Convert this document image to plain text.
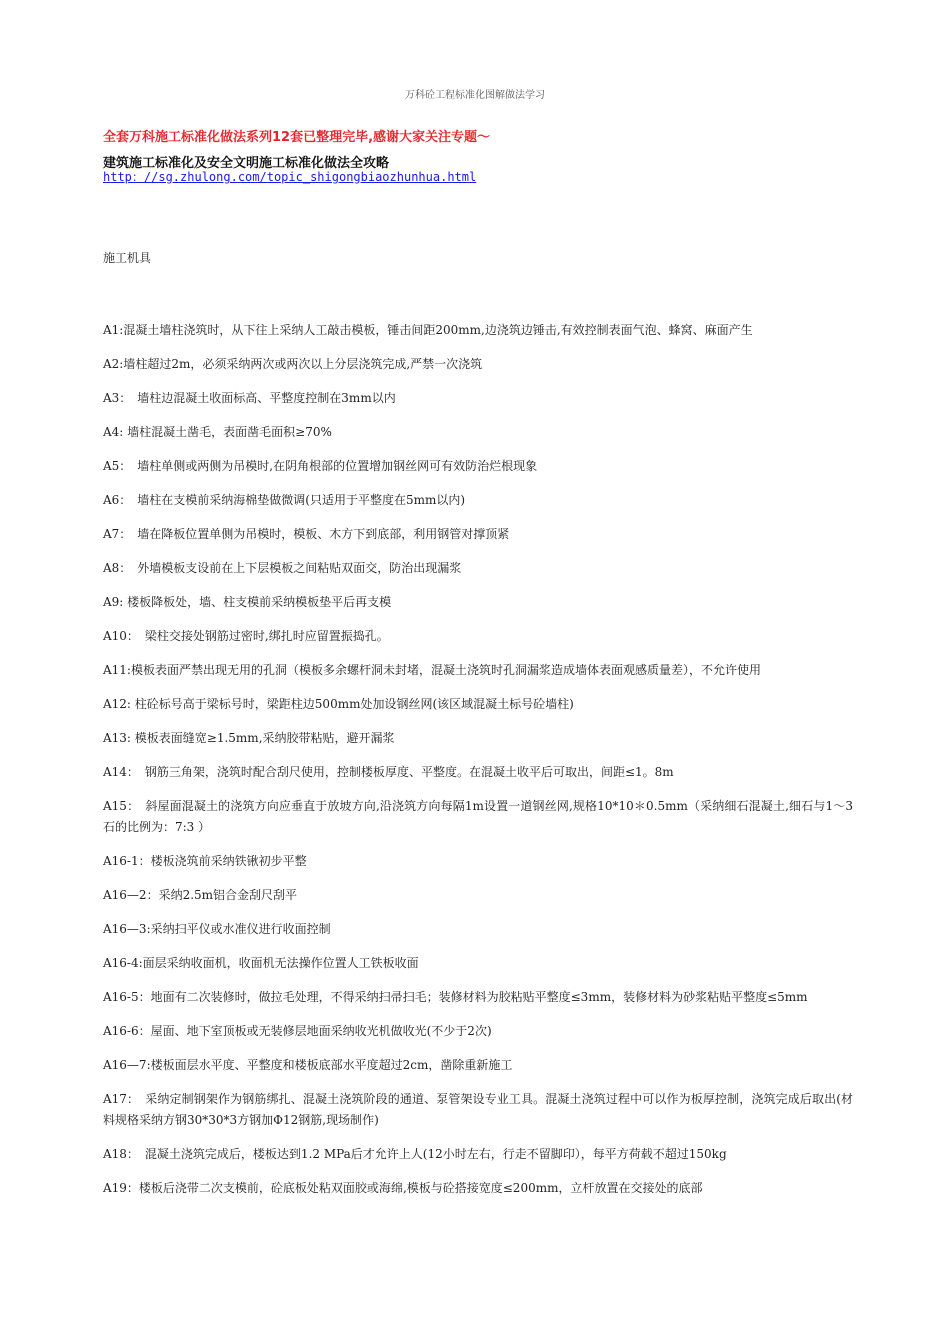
万科砼工程标准化图解做法学习
全套万科施工标准化做法系列12套已整理完毕,感谢大家关注专题～
建筑施工标准化及安全文明施工标准化做法全攻略
http：//sg.zhulong.com/topic_shigongbiaozhunhua.html
施工机具

A1:混凝土墙柱浇筑时，从下往上采纳人工敲击模板，锤击间距200mm,边浇筑边锤击,有效控制表面气泡、蜂窝、麻面产生

A2:墙柱超过2m，必须采纳两次或两次以上分层浇筑完成,严禁一次浇筑

A3：　墙柱边混凝土收面标高、平整度控制在3mm以内

A4: 墙柱混凝土凿毛，表面凿毛面积≥70%

A5：　墙柱单侧或两侧为吊模时,在阴角根部的位置增加钢丝网可有效防治烂根现象

A6：　墙柱在支模前采纳海棉垫做微调(只适用于平整度在5mm以内)

A7：　墙在降板位置单侧为吊模时，模板、木方下到底部，利用钢管对撑顶紧

A8：　外墙模板支设前在上下层模板之间粘贴双面交，防治出现漏浆

A9: 楼板降板处，墙、柱支模前采纳模板垫平后再支模

A10：　梁柱交接处钢筋过密时,绑扎时应留置振捣孔。

A11:模板表面严禁出现无用的孔洞（模板多余螺杆洞未封堵，混凝土浇筑时孔洞漏浆造成墙体表面观感质量差），不允许使用

A12: 柱砼标号高于梁标号时，梁距柱边500mm处加设钢丝网(该区域混凝土标号砼墙柱)

A13: 模板表面缝宽≥1.5mm,采纳胶带粘贴，避开漏浆

A14：　钢筋三角架，浇筑时配合刮尺使用，控制楼板厚度、平整度。在混凝土收平后可取出，间距≤1。8m

A15：　斜屋面混凝土的浇筑方向应垂直于放坡方向,沿浇筑方向每隔1m设置一道钢丝网,规格10*10＊0.5mm（采纳细石混凝土,细石与1～3石的比例为：7:3 ）

A16-1：楼板浇筑前采纳铁锹初步平整

A16—2：采纳2.5m铝合金刮尺刮平

A16—3:采纳扫平仪或水准仪进行收面控制

A16-4:面层采纳收面机，收面机无法操作位置人工铁板收面

A16-5：地面有二次装修时，做拉毛处理，不得采纳扫帚扫毛；装修材料为胶粘贴平整度≤3mm，装修材料为砂浆粘贴平整度≤5mm

A16-6：屋面、地下室顶板或无装修层地面采纳收光机做收光(不少于2次)

A16—7:楼板面层水平度、平整度和楼板底部水平度超过2cm，凿除重新施工

A17：　采纳定制钢架作为钢筋绑扎、混凝土浇筑阶段的通道、泵管架设专业工具。混凝土浇筑过程中可以作为板厚控制，浇筑完成后取出(材料规格采纳方钢30*30*3方钢加Φ12钢筋,现场制作)

A18：　混凝土浇筑完成后，楼板达到1.2 MPa后才允许上人(12小时左右，行走不留脚印），每平方荷载不超过150kg

A19：楼板后浇带二次支模前，砼底板处粘双面胶或海绵,模板与砼搭接宽度≤200mm，立杆放置在交接处的底部
